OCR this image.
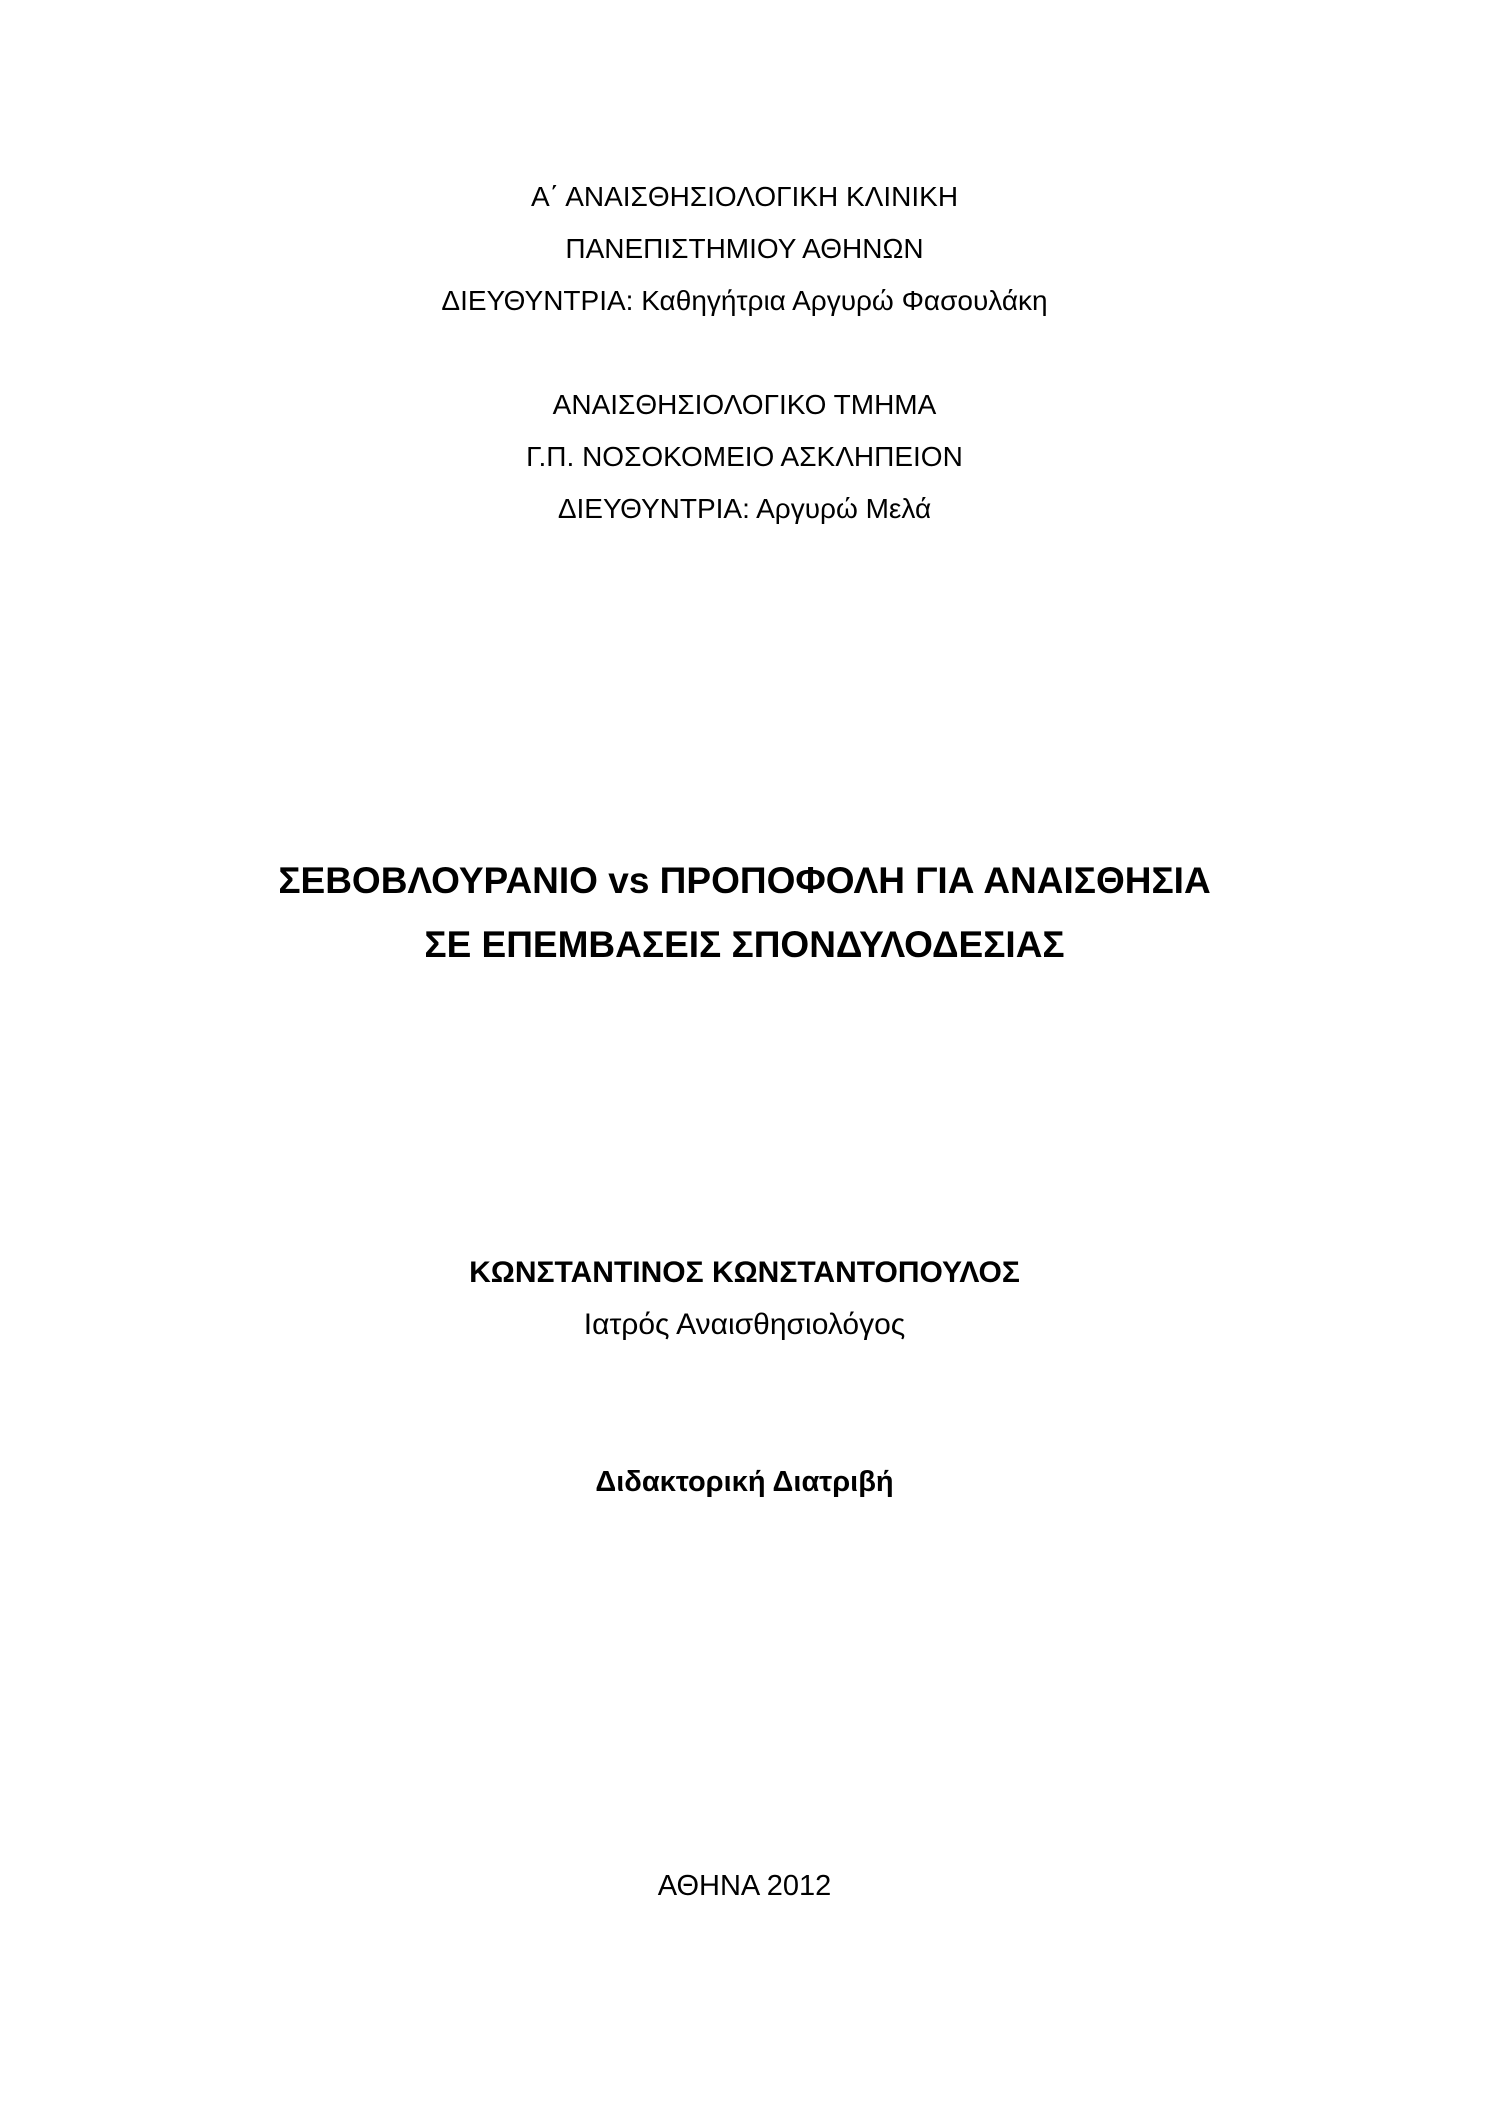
Α΄ ΑΝΑΙΣΘΗΣΙΟΛΟΓΙΚΗ ΚΛΙΝΙΚΗ
ΠΑΝΕΠΙΣΤΗΜΙΟΥ ΑΘΗΝΩΝ
ΔΙΕΥΘΥΝΤΡΙΑ: Καθηγήτρια Αργυρώ Φασουλάκη
ΑΝΑΙΣΘΗΣΙΟΛΟΓΙΚΟ ΤΜΗΜΑ
Γ.Π. ΝΟΣΟΚΟΜΕΙΟ ΑΣΚΛΗΠΕΙΟΝ
ΔΙΕΥΘΥΝΤΡΙΑ: Αργυρώ Μελά
ΣΕΒΟΒΛΟΥΡΑΝΙΟ vs ΠΡΟΠΟΦΟΛΗ ΓΙΑ ΑΝΑΙΣΘΗΣΙΑ
ΣΕ ΕΠΕΜΒΑΣΕΙΣ ΣΠΟΝΔΥΛΟΔΕΣΙΑΣ
ΚΩΝΣΤΑΝΤΙΝΟΣ ΚΩΝΣΤΑΝΤΟΠΟΥΛΟΣ
Ιατρός Αναισθησιολόγος
Διδακτορική Διατριβή
ΑΘΗΝΑ 2012
